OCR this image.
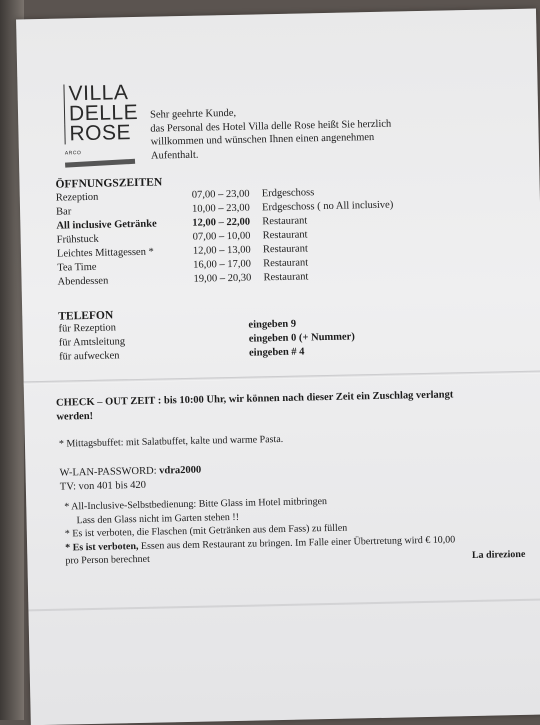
VILLA
DELLE
ROSE
ARCO
Sehr geehrte Kunde,
das Personal des Hotel Villa delle Rose heißt Sie herzlich
willkommen und wünschen Ihnen einen angenehmen
Aufenthalt.
ÖFFNUNGSZEITEN
Rezeption	07,00 – 23,00	Erdgeschoss
Bar	10,00 – 23,00	Erdgeschoss ( no All inclusive)
All inclusive Getränke	12,00 – 22,00	Restaurant
Frühstuck	07,00 – 10,00	Restaurant
Leichtes Mittagessen *	12,00 – 13,00	Restaurant
Tea Time	16,00 – 17,00	Restaurant
Abendessen	19,00 – 20,30	Restaurant
TELEFON
für Rezeption	eingeben 9
für Amtsleitung	eingeben 0 (+ Nummer)
für aufwecken	eingeben # 4
CHECK – OUT ZEIT : bis 10:00 Uhr, wir können nach dieser Zeit ein Zuschlag verlangt
werden!
* Mittagsbuffet: mit Salatbuffet, kalte und warme Pasta.
W-LAN-PASSWORD: vdra2000
TV: von 401 bis 420
* All-Inclusive-Selbstbedienung: Bitte Glass im Hotel mitbringen
Lass den Glass nicht im Garten stehen !!
* Es ist verboten, die Flaschen (mit Getränken aus dem Fass) zu füllen
* Es ist verboten, Essen aus dem Restaurant zu bringen. Im Falle einer Übertretung wird € 10,00
pro Person berechnet	La direzione
